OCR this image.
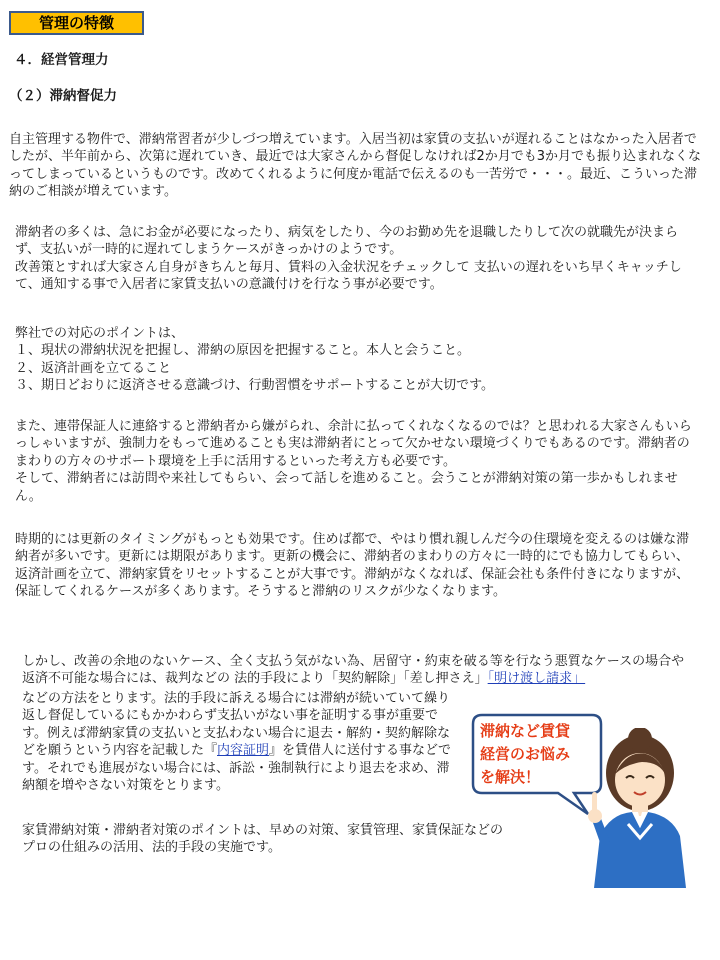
管理の特徴
４．経営管理力
（２）滞納督促力

自主管理する物件で、滞納常習者が少しづつ増えています。入居当初は家賃の支払いが遅れることはなかった入居者でしたが、半年前から、次第に遅れていき、最近では大家さんから督促しなければ2か月でも3か月でも振り込まれなくなってしまっているというものです。改めてくれるように何度か電話で伝えるのも一苦労で・・・。最近、こういった滞納のご相談が増えています。

滞納者の多くは、急にお金が必要になったり、病気をしたり、今のお勤め先を退職したりして次の就職先が決まらず、支払いが一時的に遅れてしまうケースがきっかけのようです。
改善策とすれば大家さん自身がきちんと毎月、賃料の入金状況をチェックして 支払いの遅れをいち早くキャッチして、通知する事で入居者に家賃支払いの意識付けを行なう事が必要です。
弊社での対応のポイントは、
１、現状の滞納状況を把握し、滞納の原因を把握すること。本人と会うこと。
２、返済計画を立てること
３、期日どおりに返済させる意識づけ、行動習慣をサポートすることが大切です。
また、連帯保証人に連絡すると滞納者から嫌がられ、余計に払ってくれなくなるのでは？と思われる大家さんもいらっしゃいますが、強制力をもって進めることも実は滞納者にとって欠かせない環境づくりでもあるのです。滞納者のまわりの方々のサポート環境を上手に活用するといった考え方も必要です。
そして、滞納者には訪問や来社してもらい、会って話しを進めること。会うことが滞納対策の第一歩かもしれません。

時期的には更新のタイミングがもっとも効果です。住めば都で、やはり慣れ親しんだ今の住環境を変えるのは嫌な滞納者が多いです。更新には期限があります。更新の機会に、滞納者のまわりの方々に一時的にでも協力してもらい、返済計画を立て、滞納家賃をリセットすることが大事です。滞納がなくなれば、保証会社も条件付きになりますが、保証してくれるケースが多くあります。そうすると滞納のリスクが少なくなります。

しかし、改善の余地のないケース、全く支払う気がない為、居留守・約束を破る等を行なう悪質なケースの場合や返済不可能な場合には、裁判などの 法的手段により「契約解除」「差し押さえ」「明け渡し請求」

などの方法をとります。法的手段に訴える場合には滞納が続いていて繰り返し督促しているにもかかわらず支払いがない事を証明する事が重要です。例えば滞納家賃の支払いと支払わない場合に退去・解約・契約解除などを願うという内容を記載した『内容証明』を賃借人に送付する事などです。それでも進展がない場合には、訴訟・強制執行により退去を求め、滞納額を増やさない対策をとります。

家賃滞納対策・滞納者対策のポイントは、早めの対策、家賃管理、家賃保証などのプロの仕組みの活用、法的手段の実施です。

滞納など賃貸
経営のお悩み
を解決！
